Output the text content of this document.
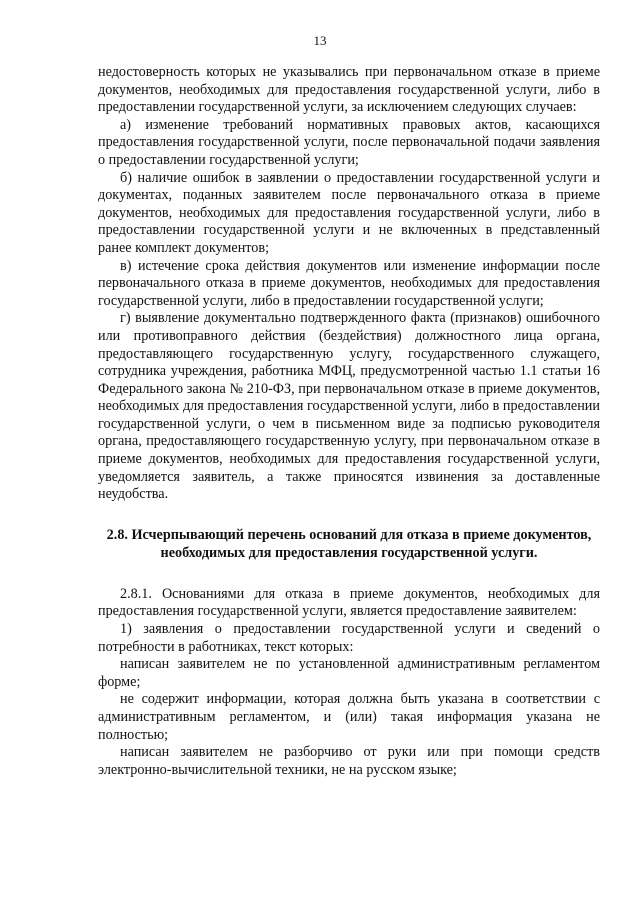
13

недостоверность которых не указывались при первоначальном отказе в приеме документов, необходимых для предоставления государственной услуги, либо в предоставлении государственной услуги, за исключением следующих случаев:

а) изменение требований нормативных правовых актов, касающихся предоставления государственной услуги, после первоначальной подачи заявления о предоставлении государственной услуги;

б) наличие ошибок в заявлении о предоставлении государственной услуги и документах, поданных заявителем после первоначального отказа в приеме документов, необходимых для предоставления государственной услуги, либо в предоставлении государственной услуги и не включенных в представленный ранее комплект документов;

в) истечение срока действия документов или изменение информации после первоначального отказа в приеме документов, необходимых для предоставления государственной услуги, либо в предоставлении государственной услуги;

г) выявление документально подтвержденного факта (признаков) ошибочного или противоправного действия (бездействия) должностного лица органа, предоставляющего государственную услугу, государственного служащего, сотрудника учреждения, работника МФЦ, предусмотренной частью 1.1 статьи 16 Федерального закона № 210-ФЗ, при первоначальном отказе в приеме документов, необходимых для предоставления государственной услуги, либо в предоставлении государственной услуги, о чем в письменном виде за подписью руководителя органа, предоставляющего государственную услугу, при первоначальном отказе в приеме документов, необходимых для предоставления государственной услуги, уведомляется заявитель, а также приносятся извинения за доставленные неудобства.

2.8. Исчерпывающий перечень оснований для отказа в приеме документов, необходимых для предоставления государственной услуги.

2.8.1. Основаниями для отказа в приеме документов, необходимых для предоставления государственной услуги, является предоставление заявителем:

1) заявления о предоставлении государственной услуги и сведений о потребности в работниках, текст которых:

написан заявителем не по установленной административным регламентом форме;

не содержит информации, которая должна быть указана в соответствии с административным регламентом, и (или) такая информация указана не полностью;

написан заявителем не разборчиво от руки или при помощи средств электронно-вычислительной техники, не на русском языке;
